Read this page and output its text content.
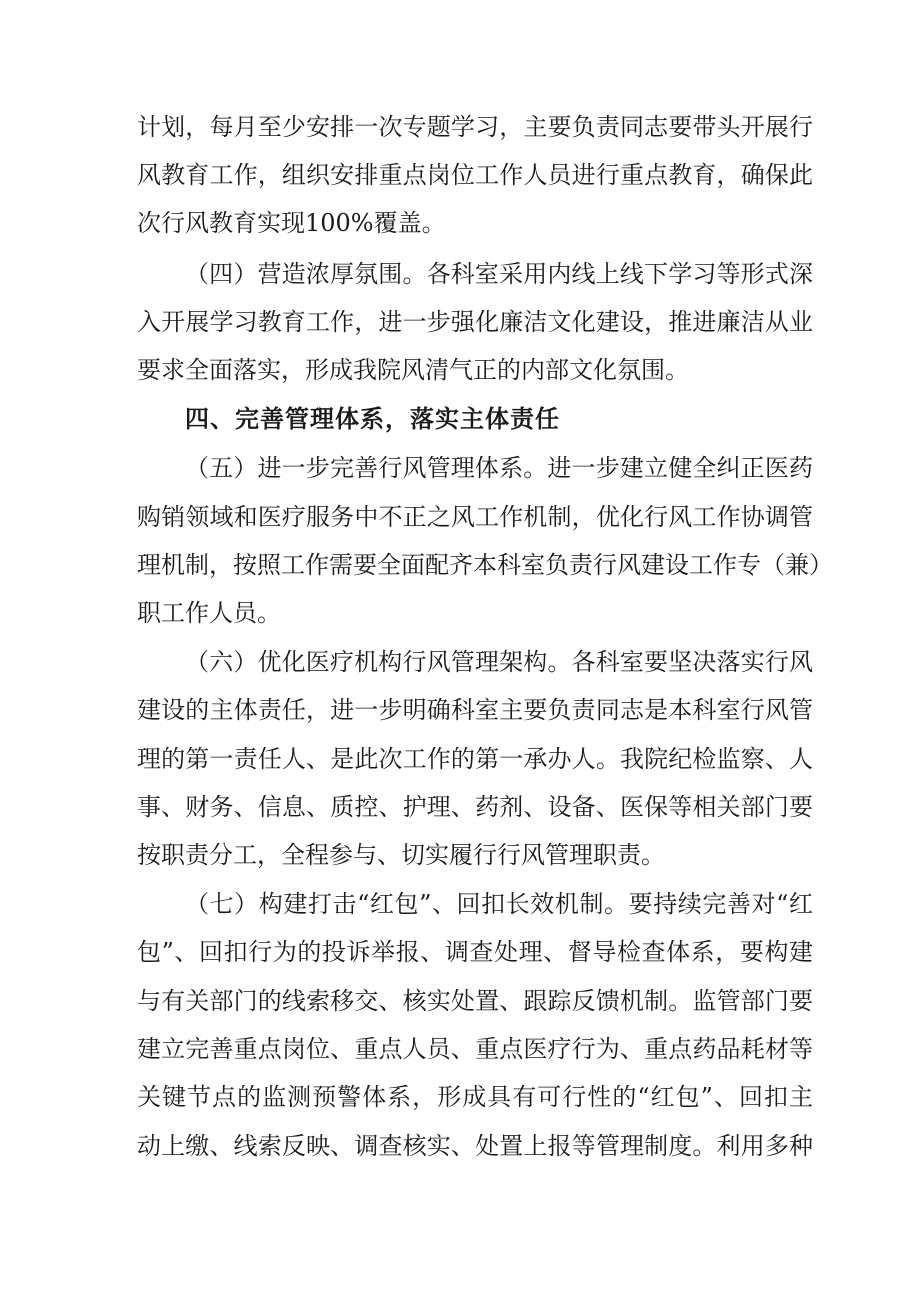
计划，每月至少安排一次专题学习，主要负责同志要带头开展行
风教育工作，组织安排重点岗位工作人员进行重点教育，确保此
次行风教育实现100%覆盖。
（四）营造浓厚氛围。各科室采用内线上线下学习等形式深
入开展学习教育工作，进一步强化廉洁文化建设，推进廉洁从业
要求全面落实，形成我院风清气正的内部文化氛围。
四、完善管理体系，落实主体责任
（五）进一步完善行风管理体系。进一步建立健全纠正医药
购销领域和医疗服务中不正之风工作机制，优化行风工作协调管
理机制，按照工作需要全面配齐本科室负责行风建设工作专（兼）
职工作人员。
（六）优化医疗机构行风管理架构。各科室要坚决落实行风
建设的主体责任，进一步明确科室主要负责同志是本科室行风管
理的第一责任人、是此次工作的第一承办人。我院纪检监察、人
事、财务、信息、质控、护理、药剂、设备、医保等相关部门要
按职责分工，全程参与、切实履行行风管理职责。
（七）构建打击“红包”、回扣长效机制。要持续完善对“红
包”、回扣行为的投诉举报、调查处理、督导检查体系，要构建
与有关部门的线索移交、核实处置、跟踪反馈机制。监管部门要
建立完善重点岗位、重点人员、重点医疗行为、重点药品耗材等
关键节点的监测预警体系，形成具有可行性的“红包”、回扣主
动上缴、线索反映、调查核实、处置上报等管理制度。利用多种
